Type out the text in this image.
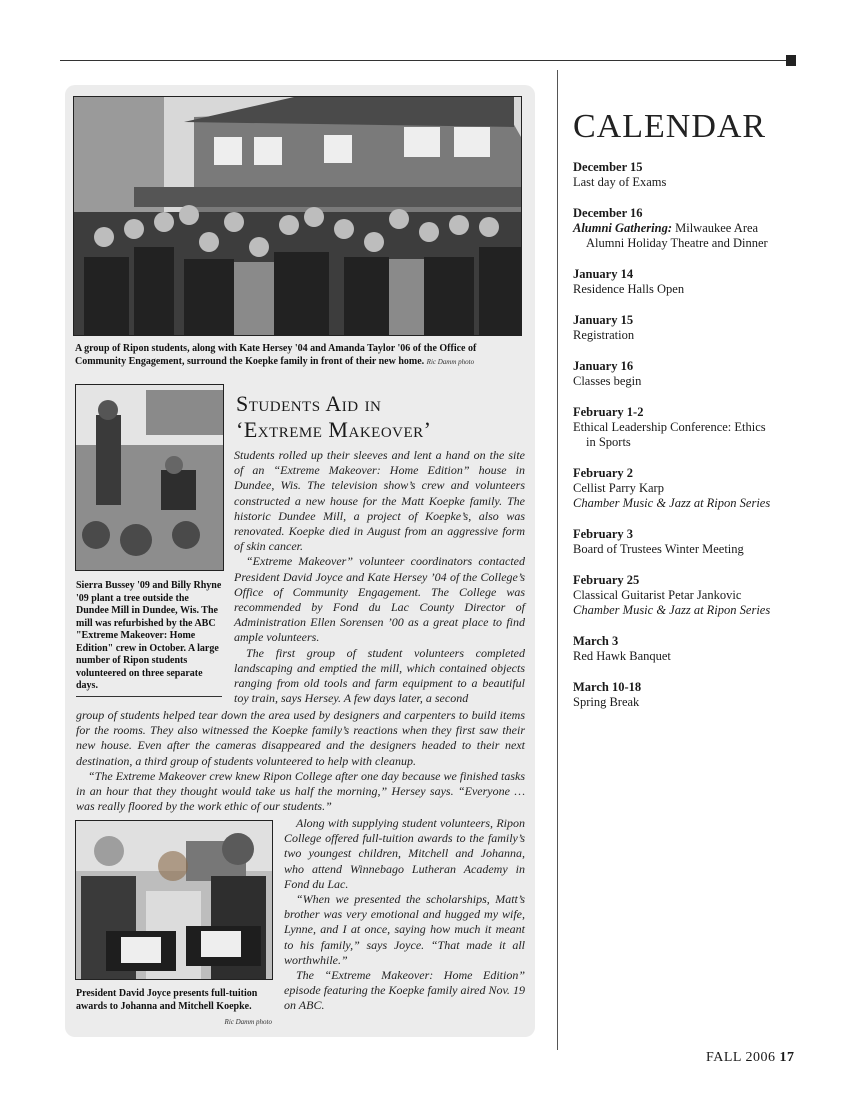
A group of Ripon students, along with Kate Hersey '04 and Amanda Taylor '06 of the Office of Community Engagement, surround the Koepke family in front of their new home. Ric Damm photo
Sierra Bussey '09 and Billy Rhyne '09 plant a tree outside the Dundee Mill in Dundee, Wis. The mill was refurbished by the ABC "Extreme Makeover: Home Edition" crew in October. A large number of Ripon students volunteered on three separate days.
Students Aid in
‘Extreme Makeover’

Students rolled up their sleeves and lent a hand on the site of an “Extreme Makeover: Home Edition” house in Dundee, Wis. The television show’s crew and volunteers constructed a new house for the Matt Koepke family. The historic Dundee Mill, a project of Koepke’s, also was renovated. Koepke died in August from an aggressive form of skin cancer.

“Extreme Makeover” volunteer coordinators contacted President David Joyce and Kate Hersey ’04 of the College’s Office of Community Engagement. The College was recommended by Fond du Lac County Director of Administration Ellen Sorensen ’00 as a great place to find ample volunteers.

The first group of student volunteers completed landscaping and emptied the mill, which contained objects ranging from old tools and farm equipment to a beautiful toy train, says Hersey. A few days later, a second

group of students helped tear down the area used by designers and carpenters to build items for the rooms. They also witnessed the Koepke family’s reactions when they first saw their new house. Even after the cameras disappeared and the designers headed to their next destination, a third group of students volunteered to help with cleanup.

“The Extreme Makeover crew knew Ripon College after one day because we finished tasks in an hour that they thought would take us half the morning,” Hersey says. “Everyone … was really floored by the work ethic of our students.”

President David Joyce presents full-tuition awards to Johanna and Mitchell Koepke.
Ric Damm photo

Along with supplying student volunteers, Ripon College offered full-tuition awards to the family’s two youngest children, Mitchell and Johanna, who attend Winnebago Lutheran Academy in Fond du Lac.

“When we presented the scholarships, Matt’s brother was very emotional and hugged my wife, Lynne, and I at once, saying how much it meant to his family,” says Joyce. “That made it all worthwhile.”

The “Extreme Makeover: Home Edition” episode featuring the Koepke family aired Nov. 19 on ABC.

CALENDAR
December 15
Last day of Exams
December 16
Alumni Gathering: Milwaukee Area
Alumni Holiday Theatre and Dinner
January 14
Residence Halls Open
January 15
Registration
January 16
Classes begin
February 1-2
Ethical Leadership Conference: Ethics
in Sports
February 2
Cellist Parry Karp
Chamber Music & Jazz at Ripon Series
February 3
Board of Trustees Winter Meeting
February 25
Classical Guitarist Petar Jankovic
Chamber Music & Jazz at Ripon Series
March 3
Red Hawk Banquet
March 10-18
Spring Break
FALL 2006 17
